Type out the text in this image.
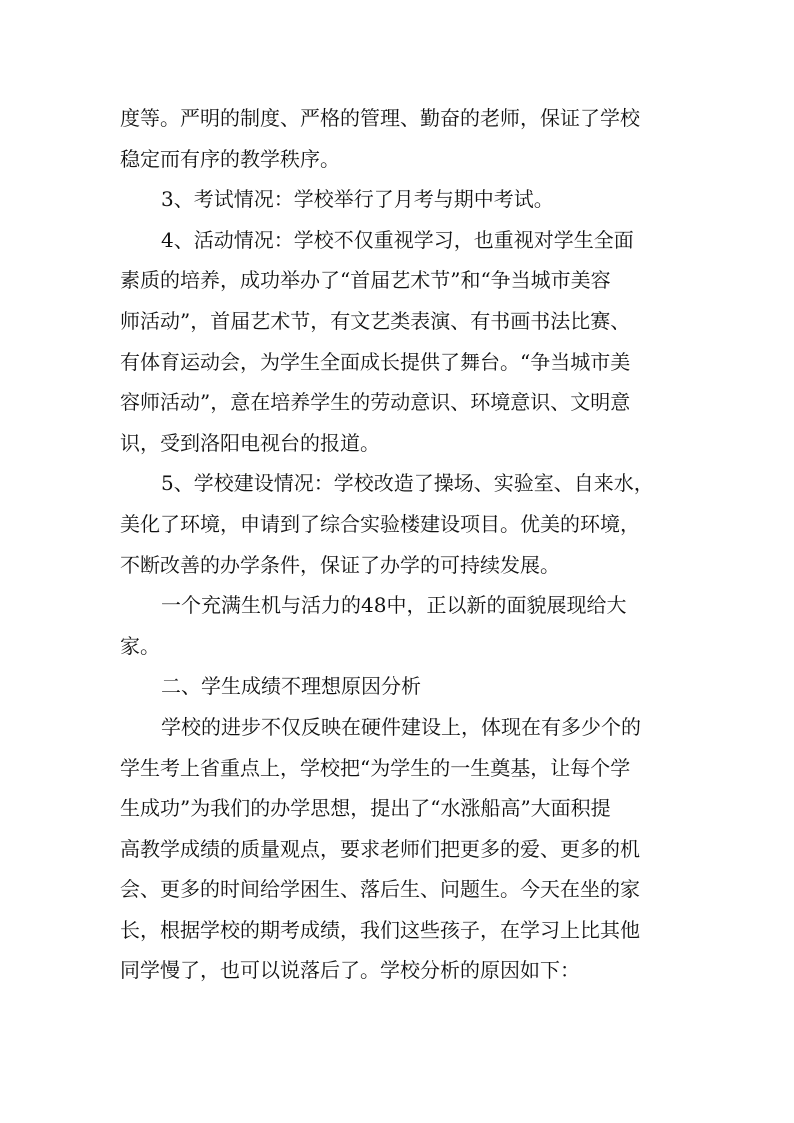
度等。严明的制度、严格的管理、勤奋的老师，保证了学校
稳定而有序的教学秩序。

3、考试情况：学校举行了月考与期中考试。

4、活动情况：学校不仅重视学习，也重视对学生全面
素质的培养，成功举办了“首届艺术节”和“争当城市美容
师活动”，首届艺术节，有文艺类表演、有书画书法比赛、
有体育运动会，为学生全面成长提供了舞台。“争当城市美
容师活动”，意在培养学生的劳动意识、环境意识、文明意
识，受到洛阳电视台的报道。

5、学校建设情况：学校改造了操场、实验室、自来水，
美化了环境，申请到了综合实验楼建设项目。优美的环境，
不断改善的办学条件，保证了办学的可持续发展。

一个充满生机与活力的48中，正以新的面貌展现给大
家。

二、学生成绩不理想原因分析

学校的进步不仅反映在硬件建设上，体现在有多少个的
学生考上省重点上，学校把“为学生的一生奠基，让每个学
生成功”为我们的办学思想，提出了“水涨船高”大面积提
高教学成绩的质量观点，要求老师们把更多的爱、更多的机
会、更多的时间给学困生、落后生、问题生。今天在坐的家
长，根据学校的期考成绩，我们这些孩子，在学习上比其他
同学慢了，也可以说落后了。学校分析的原因如下：
